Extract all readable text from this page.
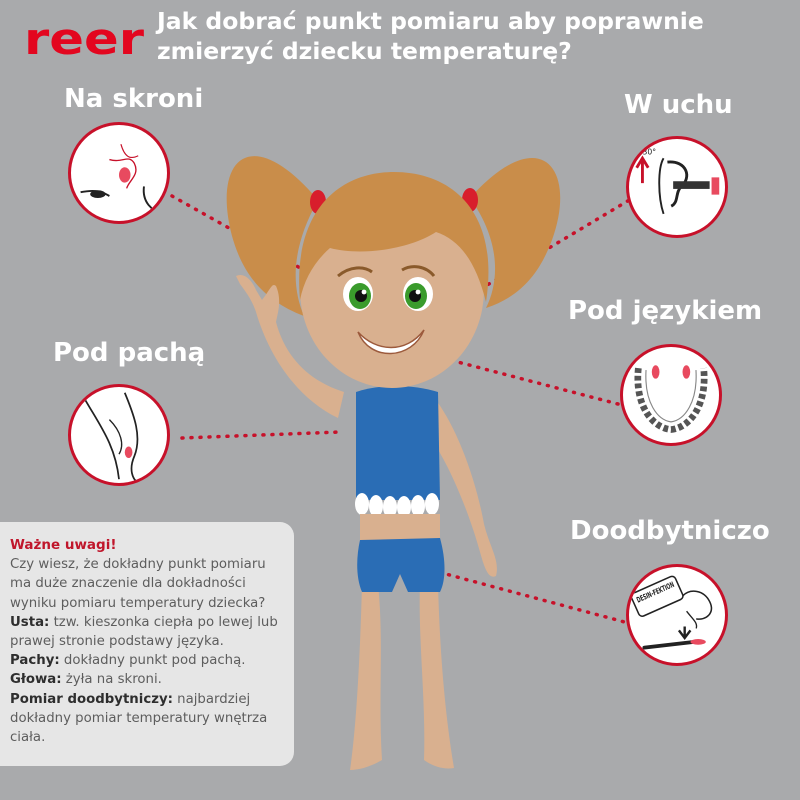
reer Jak dobrać punkt pomiaru aby poprawnie zmierzyć dziecku temperaturę?
Na skroni	W uchu
Pod językiem
Pod pachą
Doodbytniczo
30°
DESIN-FEKTION

Ważne uwagi!

Czy wiesz, że dokładny punkt pomiaru ma duże znaczenie dla dokładności wyniku pomiaru temperatury dziecka?

Usta: tzw. kieszonka ciepła po lewej lub prawej stronie podstawy języka.

Pachy: dokładny punkt pod pachą.

Głowa: żyła na skroni.

Pomiar doodbytniczy: najbardziej dokładny pomiar temperatury wnętrza ciała.
